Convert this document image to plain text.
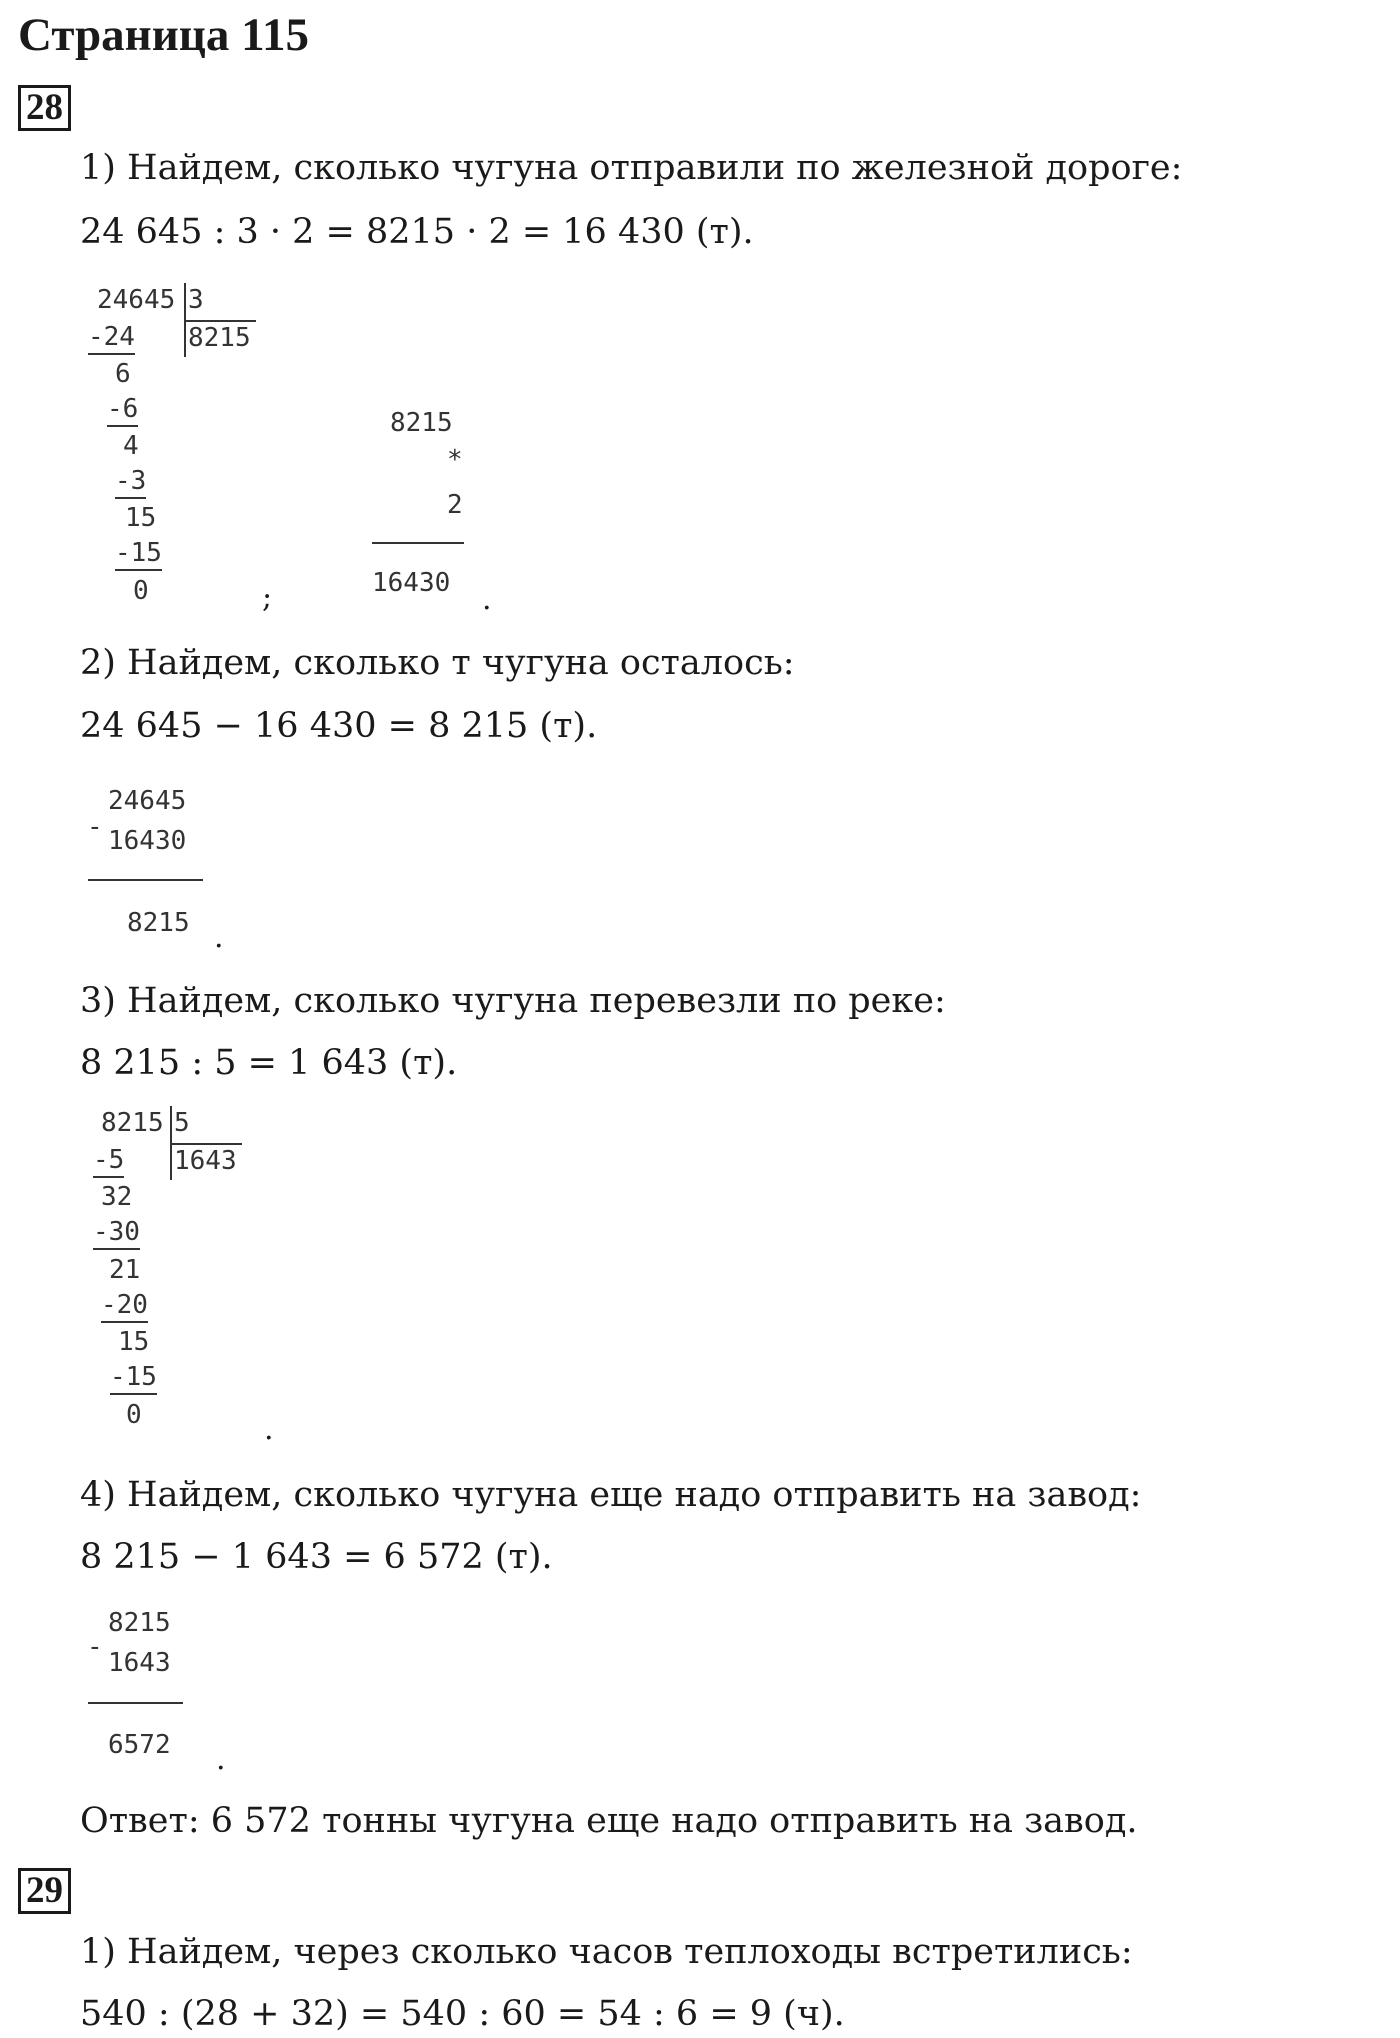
Страница 115
28
1) Найдем, сколько чугуна отправили по железной дороге:
24 645 : 3 · 2 = 8215 · 2 = 16 430 (т).
24645 3
8215
-24
6
-6
4
-3
15
-15
0	;
8215
*
2
16430 .
2) Найдем, сколько т чугуна осталось:
24 645 − 16 430 = 8 215 (т).
-
24645
16430
8215 .
3) Найдем, сколько чугуна перевезли по реке:
8 215 : 5 = 1 643 (т).
8215 5
1643
-5
32
-30
21
-20
15
-15
0	.
4) Найдем, сколько чугуна еще надо отправить на завод:
8 215 − 1 643 = 6 572 (т).
-
8215
1643
6572 .
Ответ: 6 572 тонны чугуна еще надо отправить на завод.
29
1) Найдем, через сколько часов теплоходы встретились:
540 : (28 + 32) = 540 : 60 = 54 : 6 = 9 (ч).
